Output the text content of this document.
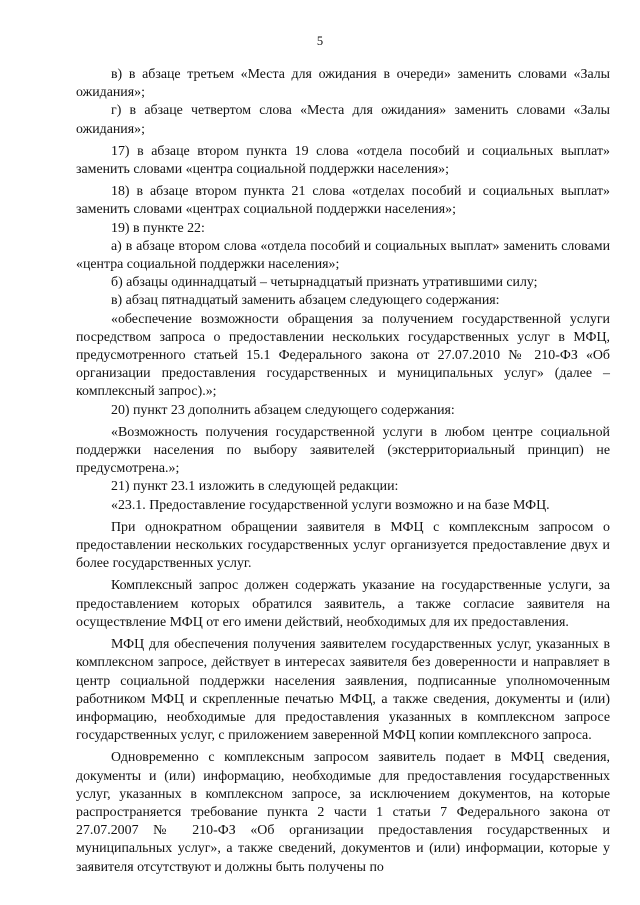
5

в) в абзаце третьем «Места для ожидания в очереди» заменить словами «Залы ожидания»;

г) в абзаце четвертом слова «Места для ожидания» заменить словами «Залы ожидания»;

17) в абзаце втором пункта 19 слова «отдела пособий и социальных выплат» заменить словами «центра социальной поддержки населения»;

18) в абзаце втором пункта 21 слова «отделах пособий и социальных выплат» заменить словами «центрах социальной поддержки населения»;

19) в пункте 22:

а) в абзаце втором слова «отдела пособий и социальных выплат» заменить словами «центра социальной поддержки населения»;

б) абзацы одиннадцатый – четырнадцатый признать утратившими силу;

в) абзац пятнадцатый заменить абзацем следующего содержания:

«обеспечение возможности обращения за получением государственной услуги посредством запроса о предоставлении нескольких государственных услуг в МФЦ, предусмотренного статьей 15.1 Федерального закона от 27.07.2010 № 210-ФЗ «Об организации предоставления государственных и муниципальных услуг» (далее – комплексный запрос).»;

20) пункт 23 дополнить абзацем следующего содержания:

«Возможность получения государственной услуги в любом центре социальной поддержки населения по выбору заявителей (экстерриториальный принцип) не предусмотрена.»;

21) пункт 23.1 изложить в следующей редакции:

«23.1. Предоставление государственной услуги возможно и на базе МФЦ.

При однократном обращении заявителя в МФЦ с комплексным запросом о предоставлении нескольких государственных услуг организуется предоставление двух и более государственных услуг.

Комплексный запрос должен содержать указание на государственные услуги, за предоставлением которых обратился заявитель, а также согласие заявителя на осуществление МФЦ от его имени действий, необходимых для их предоставления.

МФЦ для обеспечения получения заявителем государственных услуг, указанных в комплексном запросе, действует в интересах заявителя без доверенности и направляет в центр социальной поддержки населения заявления, подписанные уполномоченным работником МФЦ и скрепленные печатью МФЦ, а также сведения, документы и (или) информацию, необходимые для предоставления указанных в комплексном запросе государственных услуг, с приложением заверенной МФЦ копии комплексного запроса.

Одновременно с комплексным запросом заявитель подает в МФЦ сведения, документы и (или) информацию, необходимые для предоставления государственных услуг, указанных в комплексном запросе, за исключением документов, на которые распространяется требование пункта 2 части 1 статьи 7 Федерального закона от 27.07.2007 № 210-ФЗ «Об организации предоставления государственных и муниципальных услуг», а также сведений, документов и (или) информации, которые у заявителя отсутствуют и должны быть получены по
